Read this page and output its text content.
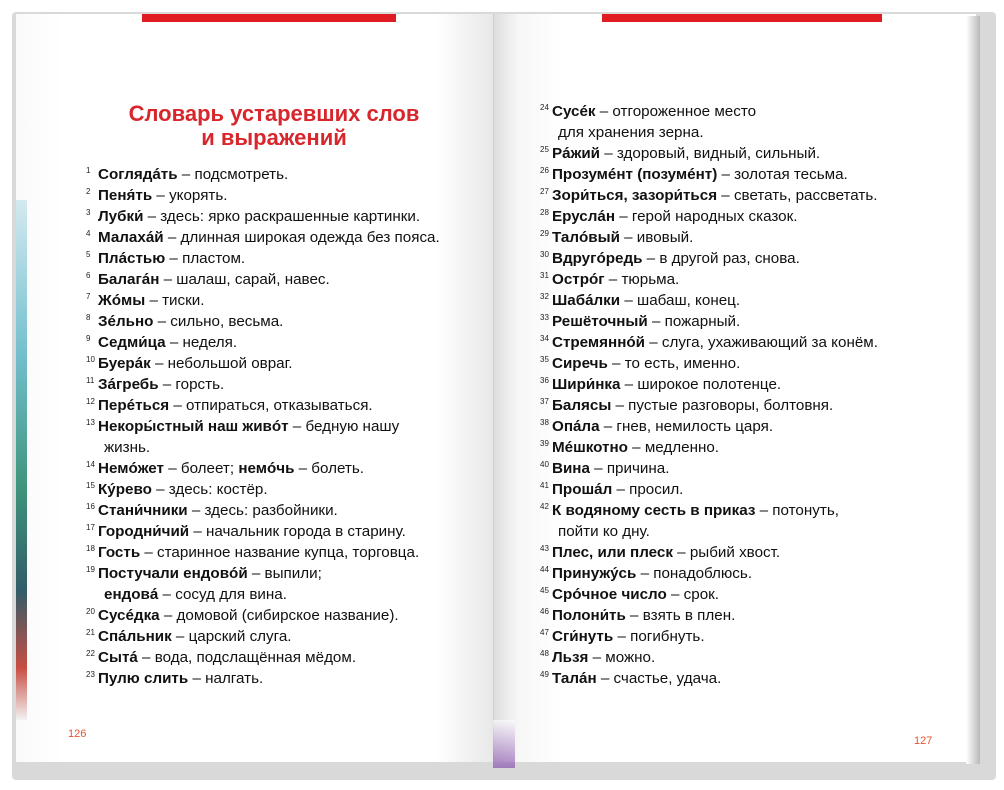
Словарь устаревших слов
и выражений
1 Соглядáть – подсмотреть.
2 Пеня́ть – укорять.
3 Лубки́ – здесь: ярко раскрашенные картинки.
4 Малахáй – длинная широкая одежда без пояса.
5 Плáстью – пластом.
6 Балагáн – шалаш, сарай, навес.
7 Жóмы – тиски.
8 Зéльно – сильно, весьма.
9 Седми́ца – неделя.
10 Буерáк – небольшой овраг.
11 Зáгребь – горсть.
12 Перéться – отпираться, отказываться.
13 Некоры́стный наш живóт – бедную нашу
жизнь.
14 Немóжет – болеет; немóчь – болеть.
15 Кýрево – здесь: костёр.
16 Стани́чники – здесь: разбойники.
17 Городни́чий – начальник города в старину.
18 Гость – старинное название купца, торговца.
19 Постучали ендовóй – выпили;
ендовá – сосуд для вина.
20 Сусéдка – домовой (сибирское название).
21 Спáльник – царский слуга.
22 Сытá – вода, подслащённая мёдом.
23 Пулю слить – налгать.
24 Сусéк – отгороженное место
для хранения зерна.
25 Рáжий – здоровый, видный, сильный.
26 Прозумéнт (позумéнт) – золотая тесьма.
27 Зори́ться, зазори́ться – светать, рассветать.
28 Еруслáн – герой народных сказок.
29 Талóвый – ивовый.
30 Вдругóредь – в другой раз, снова.
31 Острóг – тюрьма.
32 Шабáлки – шабаш, конец.
33 Решёточный – пожарный.
34 Стремяннóй – слуга, ухаживающий за конём.
35 Сиречь – то есть, именно.
36 Шири́нка – широкое полотенце.
37 Балясы – пустые разговоры, болтовня.
38 Опáла – гнев, немилость царя.
39 Мéшкотно – медленно.
40 Вина – причина.
41 Прошáл – просил.
42 К водяному сесть в приказ – потонуть,
пойти ко дну.
43 Плес, или плеск – рыбий хвост.
44 Принужýсь – понадоблюсь.
45 Срóчное число – срок.
46 Полони́ть – взять в плен.
47 Сги́нуть – погибнуть.
48 Льзя – можно.
49 Талáн – счастье, удача.
126
127
